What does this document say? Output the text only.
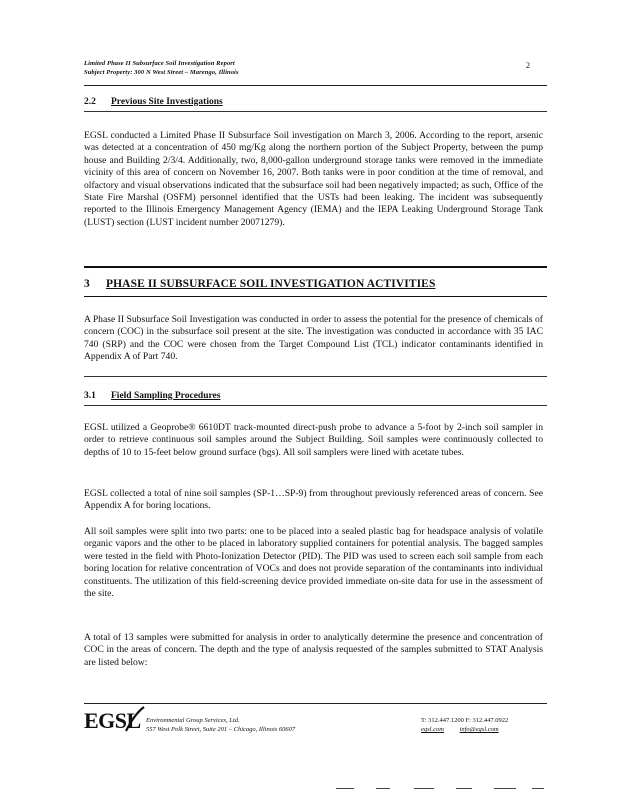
Limited Phase II Subsurface Soil Investigation Report
Subject Property: 300 N West Street – Marengo, Illinois
2
2.2 Previous Site Investigations
EGSL conducted a Limited Phase II Subsurface Soil investigation on March 3, 2006. According to the report, arsenic was detected at a concentration of 450 mg/Kg along the northern portion of the Subject Property, between the pump house and Building 2/3/4. Additionally, two, 8,000-gallon underground storage tanks were removed in the immediate vicinity of this area of concern on November 16, 2007. Both tanks were in poor condition at the time of removal, and olfactory and visual observations indicated that the subsurface soil had been negatively impacted; as such, Office of the State Fire Marshal (OSFM) personnel identified that the USTs had been leaking. The incident was subsequently reported to the Illinois Emergency Management Agency (IEMA) and the IEPA Leaking Underground Storage Tank (LUST) section (LUST incident number 20071279).
3 PHASE II SUBSURFACE SOIL INVESTIGATION ACTIVITIES
A Phase II Subsurface Soil Investigation was conducted in order to assess the potential for the presence of chemicals of concern (COC) in the subsurface soil present at the site. The investigation was conducted in accordance with 35 IAC 740 (SRP) and the COC were chosen from the Target Compound List (TCL) indicator contaminants identified in Appendix A of Part 740.
3.1 Field Sampling Procedures
EGSL utilized a Geoprobe® 6610DT track-mounted direct-push probe to advance a 5-foot by 2-inch soil sampler in order to retrieve continuous soil samples around the Subject Building. Soil samples were continuously collected to depths of 10 to 15-feet below ground surface (bgs). All soil samplers were lined with acetate tubes.
EGSL collected a total of nine soil samples (SP-1…SP-9) from throughout previously referenced areas of concern. See Appendix A for boring locations.
All soil samples were split into two parts: one to be placed into a sealed plastic bag for headspace analysis of volatile organic vapors and the other to be placed in laboratory supplied containers for potential analysis. The bagged samples were tested in the field with Photo-Ionization Detector (PID). The PID was used to screen each soil sample from each boring location for relative concentration of VOCs and does not provide separation of the contaminants into individual constituents. The utilization of this field-screening device provided immediate on-site data for use in the assessment of the site.
A total of 13 samples were submitted for analysis in order to analytically determine the presence and concentration of COC in the areas of concern. The depth and the type of analysis requested of the samples submitted to STAT Analysis are listed below:
EGSL Environmental Group Services, Ltd.
557 West Polk Street, Suite 201 – Chicago, Illinois 60607
T: 312.447.1200 F: 312.447.0922
egsl.com info@egsl.com
